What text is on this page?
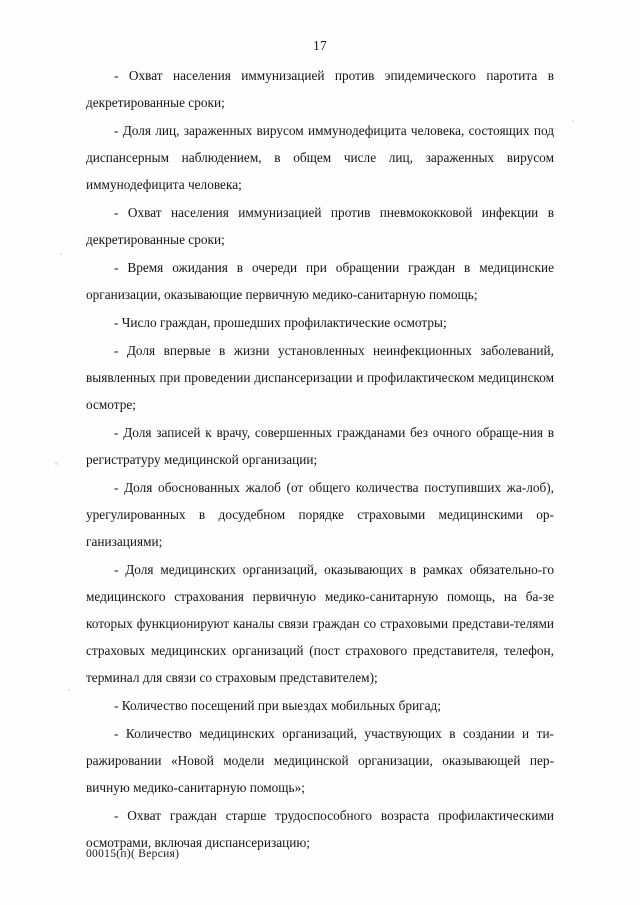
17

- Охват населения иммунизацией против эпидемического паротита в декретированные сроки;

- Доля лиц, зараженных вирусом иммунодефицита человека, состоящих под диспансерным наблюдением, в общем числе лиц, зараженных вирусом иммунодефицита человека;

- Охват населения иммунизацией против пневмококковой инфекции в декретированные сроки;

- Время ожидания в очереди при обращении граждан в медицинские организации, оказывающие первичную медико-санитарную помощь;

- Число граждан, прошедших профилактические осмотры;

- Доля впервые в жизни установленных неинфекционных заболеваний, выявленных при проведении диспансеризации и профилактическом медицинском осмотре;

- Доля записей к врачу, совершенных гражданами без очного обраще-ния в регистратуру медицинской организации;

- Доля обоснованных жалоб (от общего количества поступивших жа-лоб), урегулированных в досудебном порядке страховыми медицинскими ор-ганизациями;

- Доля медицинских организаций, оказывающих в рамках обязательно-го медицинского страхования первичную медико-санитарную помощь, на ба-зе которых функционируют каналы связи граждан со страховыми представи-телями страховых медицинских организаций (пост страхового представителя, телефон, терминал для связи со страховым представителем);

- Количество посещений при выездах мобильных бригад;

- Количество медицинских организаций, участвующих в создании и ти-ражировании «Новой модели медицинской организации, оказывающей пер-вичную медико-санитарную помощь»;

- Охват граждан старше трудоспособного возраста профилактическими осмотрами, включая диспансеризацию;

00015(п)( Версия)
